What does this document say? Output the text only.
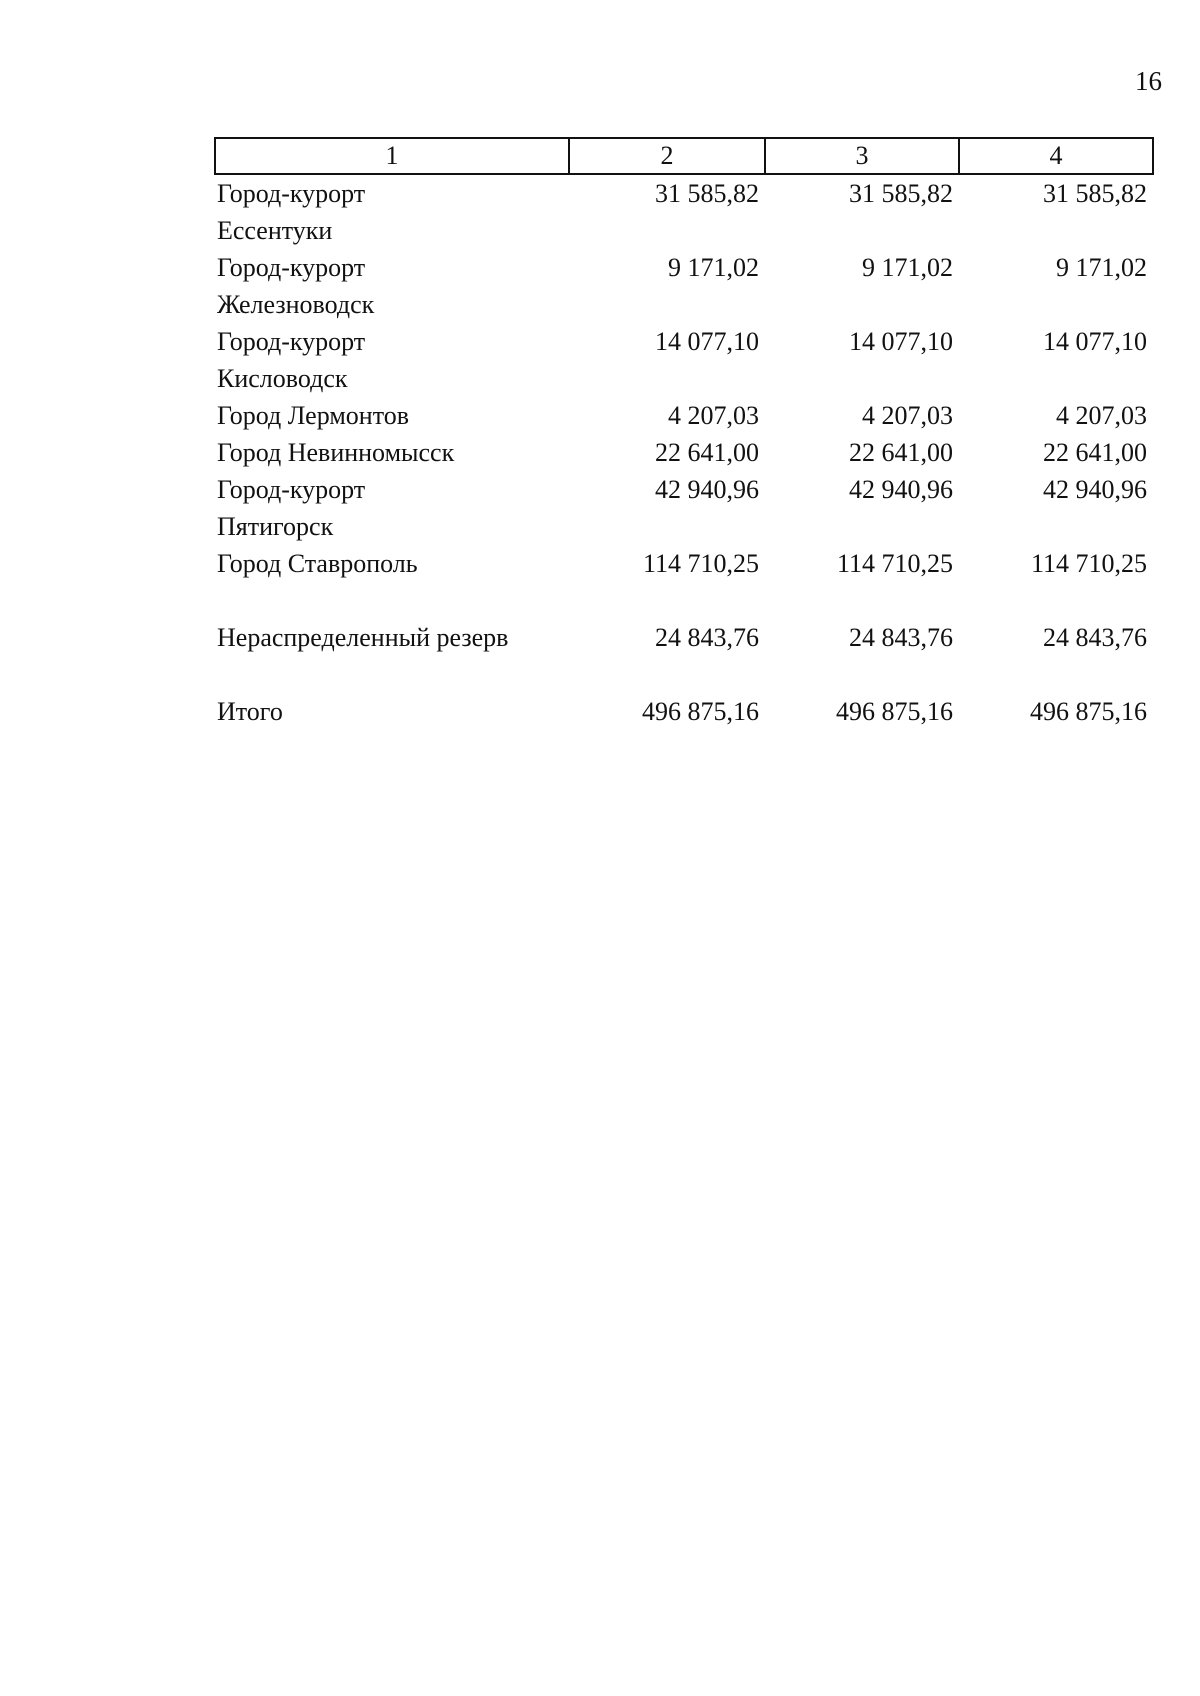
16
1	2	3	4
Город-курорт
Ессентуки	31 585,82	31 585,82	31 585,82
Город-курорт
Железноводск	9 171,02	9 171,02	9 171,02
Город-курорт
Кисловодск	14 077,10	14 077,10	14 077,10
Город Лермонтов	4 207,03	4 207,03	4 207,03
Город Невинномысск	22 641,00	22 641,00	22 641,00
Город-курорт
Пятигорск	42 940,96	42 940,96	42 940,96
Город Ставрополь	114 710,25	114 710,25	114 710,25
Нераспределенный резерв	24 843,76	24 843,76	24 843,76
Итого	496 875,16	496 875,16	496 875,16
